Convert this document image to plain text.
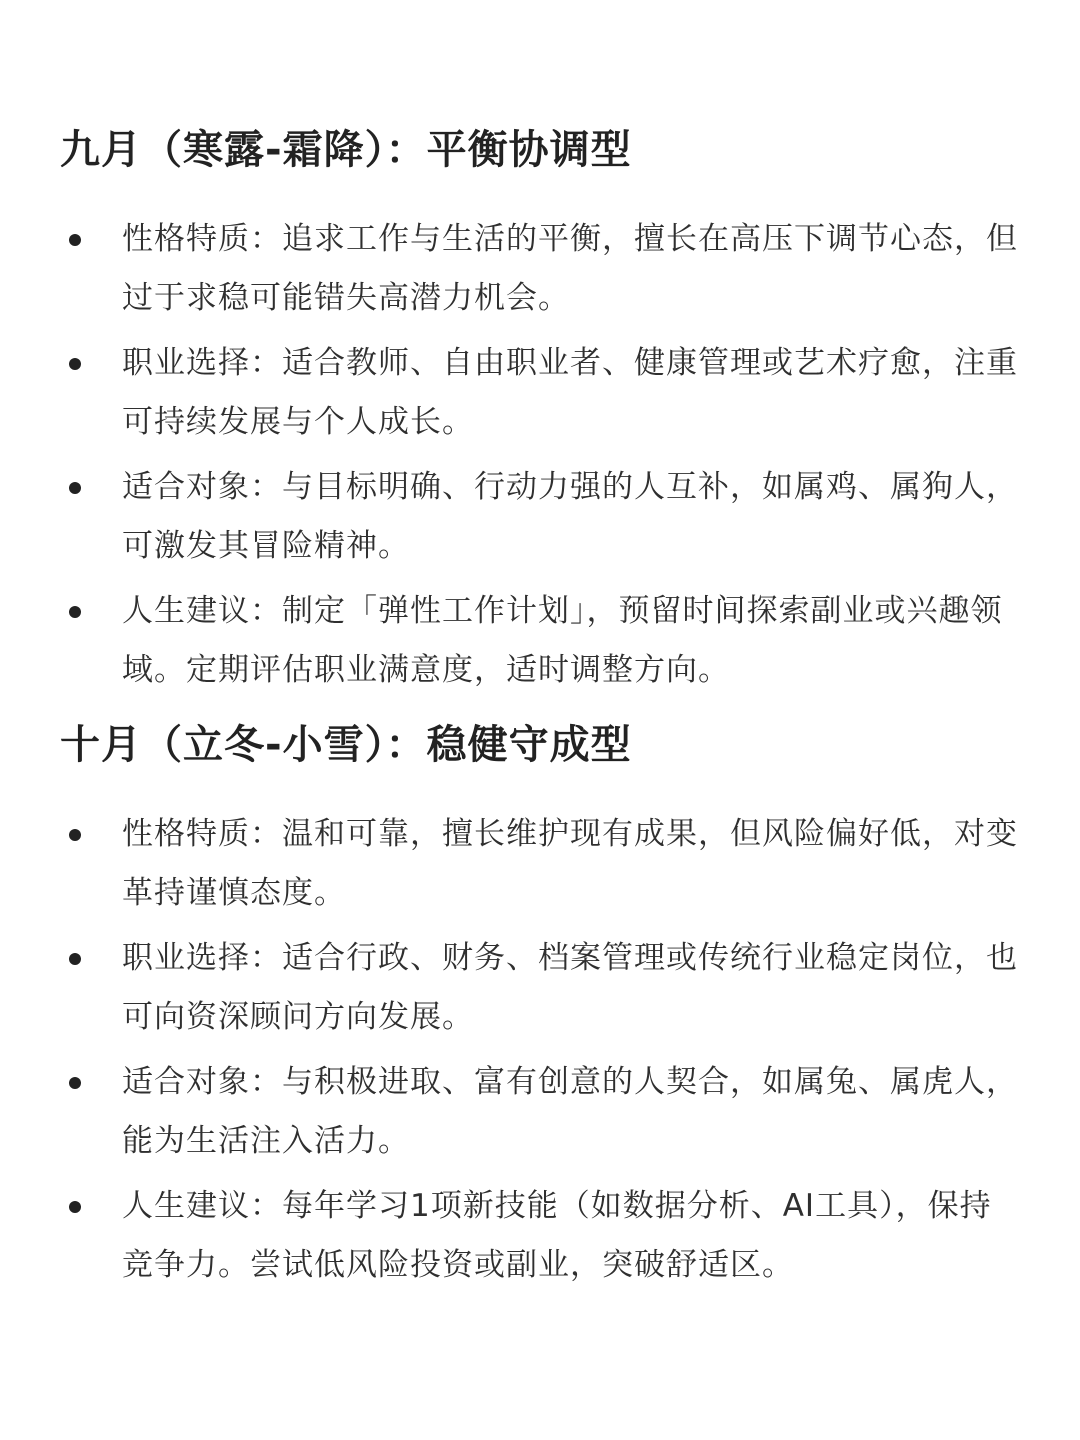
九月（寒露-霜降）：平衡协调型
性格特质：追求工作与生活的平衡，擅长在高压下调节心态，但过于求稳可能错失高潜力机会。
职业选择：适合教师、自由职业者、健康管理或艺术疗愈，注重可持续发展与个人成长。
适合对象：与目标明确、行动力强的人互补，如属鸡、属狗人，可激发其冒险精神。
人生建议：制定「弹性工作计划」，预留时间探索副业或兴趣领域。定期评估职业满意度，适时调整方向。
十月（立冬-小雪）：稳健守成型
性格特质：温和可靠，擅长维护现有成果，但风险偏好低，对变革持谨慎态度。
职业选择：适合行政、财务、档案管理或传统行业稳定岗位，也可向资深顾问方向发展。
适合对象：与积极进取、富有创意的人契合，如属兔、属虎人，能为生活注入活力。
人生建议：每年学习1项新技能（如数据分析、AI工具），保持竞争力。尝试低风险投资或副业，突破舒适区。
